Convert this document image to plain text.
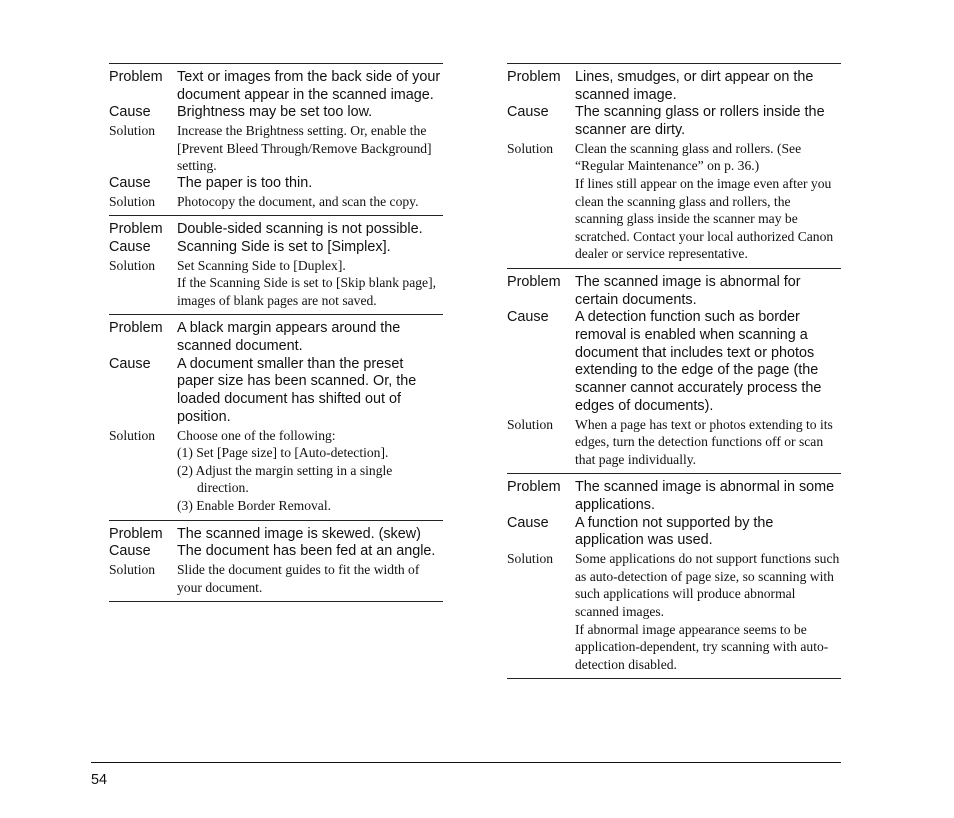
Problem	Text or images from the back side of your document appear in the scanned image.
Cause	Brightness may be set too low.
Solution	Increase the Brightness setting. Or, enable the [Prevent Bleed Through/Remove Background] setting.
Cause	The paper is too thin.
Solution	Photocopy the document, and scan the copy.
Problem	Double-sided scanning is not possible.
Cause	Scanning Side is set to [Simplex].
Solution	Set Scanning Side to [Duplex].
If the Scanning Side is set to [Skip blank page], images of blank pages are not saved.
Problem	A black margin appears around the scanned document.
Cause	A document smaller than the preset paper size has been scanned. Or, the loaded document has shifted out of position.
Solution	Choose one of the following:
(1) Set [Page size] to [Auto-detection].
(2) Adjust the margin setting in a single direction.
(3) Enable Border Removal.
Problem	The scanned image is skewed. (skew)
Cause	The document has been fed at an angle.
Solution	Slide the document guides to fit the width of your document.
Problem	Lines, smudges, or dirt appear on the scanned image.
Cause	The scanning glass or rollers inside the scanner are dirty.
Solution	Clean the scanning glass and rollers. (See “Regular Maintenance” on p. 36.)
If lines still appear on the image even after you clean the scanning glass and rollers, the scanning glass inside the scanner may be scratched. Contact your local authorized Canon dealer or service representative.
Problem	The scanned image is abnormal for certain documents.
Cause	A detection function such as border removal is enabled when scanning a document that includes text or photos extending to the edge of the page (the scanner cannot accurately process the edges of documents).
Solution	When a page has text or photos extending to its edges, turn the detection functions off or scan that page individually.
Problem	The scanned image is abnormal in some applications.
Cause	A function not supported by the application was used.
Solution	Some applications do not support functions such as auto-detection of page size, so scanning with such applications will produce abnormal scanned images.
If abnormal image appearance seems to be application-dependent, try scanning with auto-detection disabled.
54
